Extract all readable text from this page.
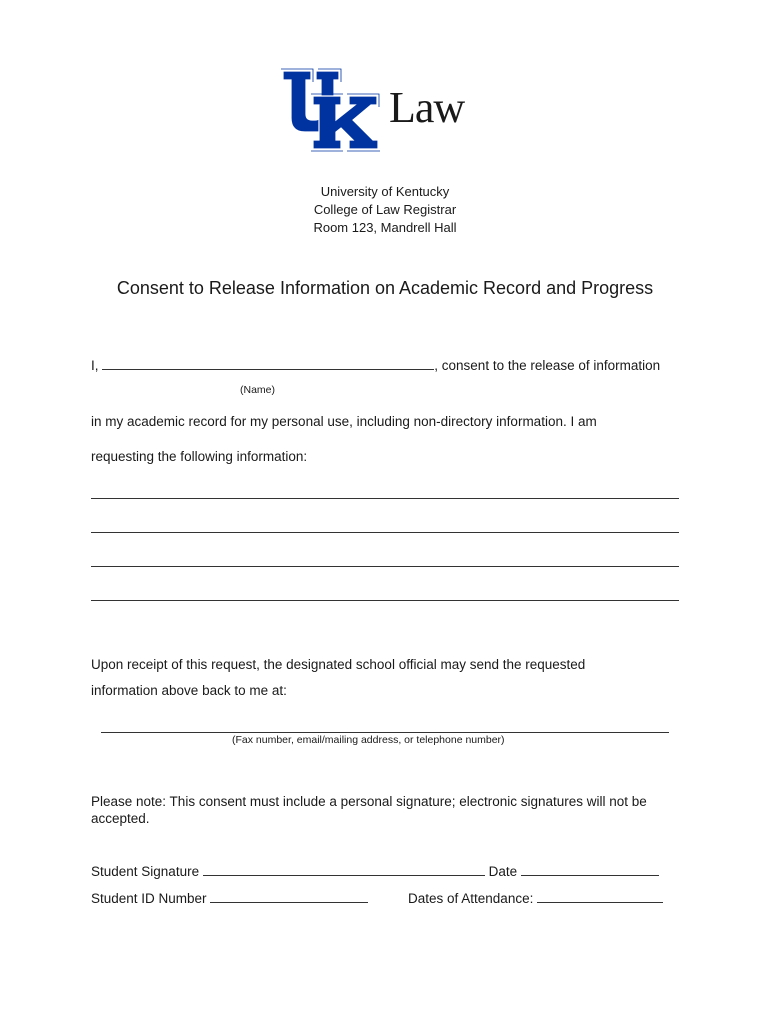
Law
University of Kentucky
College of Law Registrar
Room 123, Mandrell Hall
Consent to Release Information on Academic Record and Progress
I,	, consent to the release of information
(Name)
in my academic record for my personal use, including non-directory information. I am
requesting the following information:
Upon receipt of this request, the designated school official may send the requested
information above back to me at:
(Fax number, email/mailing address, or telephone number)
Please note: This consent must include a personal signature; electronic signatures will not be
accepted.
Student Signature	Date
Student ID Number	Dates of Attendance:
